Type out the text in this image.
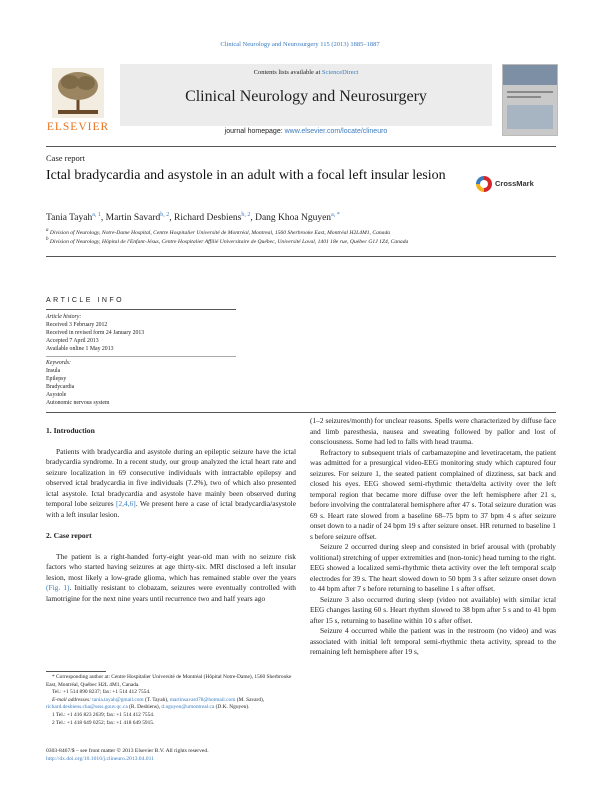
Clinical Neurology and Neurosurgery 115 (2013) 1885–1887
ELSEVIER
Contents lists available at ScienceDirect
Clinical Neurology and Neurosurgery
journal homepage: www.elsevier.com/locate/clineuro
Case report
Ictal bradycardia and asystole in an adult with a focal left insular lesion
CrossMark
Tania Tayah$^{a, 1}$, Martin Savard$^{b, 2}$, Richard Desbiens$^{b, 2}$, Dang Khoa Nguyen$^{a, *}$
$^a$ Division of Neurology, Notre-Dame Hospital, Centre Hospitalier Université de Montréal, Montreal, 1560 Sherbrooke East, Montréal H2L4M1, Canada
$^b$ Division of Neurology, Hôpital de l'Enfant-Jésus, Centre Hospitalier Affilié Universitaire de Québec, Université Laval, 1401 18e rue, Québec G1J 1Z4, Canada
ARTICLE INFO
Article history:
Received 3 February 2012
Received in revised form 24 January 2013
Accepted 7 April 2013
Available online 1 May 2013
Keywords:
Insula
Epilepsy
Bradycardia
Asystole
Autonomic nervous system
1. Introduction

Patients with bradycardia and asystole during an epileptic seizure have the ictal bradycardia syndrome. In a recent study, our group analyzed the ictal heart rate and seizure localization in 69 consecutive individuals with intractable epilepsy and observed ictal bradycardia in five individuals (7.2%), two of which also presented ictal asystole. Ictal bradycardia and asystole have mainly been observed during temporal lobe seizures [2,4,6]. We present here a case of ictal bradycardia/asystole with a left insular lesion.

2. Case report

The patient is a right-handed forty-eight year-old man with no seizure risk factors who started having seizures at age thirty-six. MRI disclosed a left insular lesion, most likely a low-grade glioma, which has remained stable over the years (Fig. 1). Initially resistant to clobazam, seizures were eventually controlled with lamotrigine for the next nine years until recurrence two and half years ago

* Corresponding author at: Centre Hospitalier Université de Montréal (Hôpital Notre-Dame), 1560 Sherbrooke East, Montréal, Québec H2L 4M1, Canada.
Tel.: +1 514 890 8237; fax: +1 514 412 7554.
E-mail addresses: tania.tayah@gmail.com (T. Tayah), martinsavard78@hotmail.com (M. Savard), richard.desbiens.cha@ssss.gouv.qc.ca (R. Desbiens), d.nguyen@umontreal.ca (D.K. Nguyen).
1 Tel.: +1 416 823 2639; fax: +1 514 412 7554.
2 Tel.: +1 418 649 0252; fax: +1 418 649 5915.
0303-8467/$ – see front matter © 2013 Elsevier B.V. All rights reserved.
http://dx.doi.org/10.1016/j.clineuro.2013.04.011

(1–2 seizures/month) for unclear reasons. Spells were characterized by diffuse face and limb paresthesia, nausea and sweating followed by pallor and lost of consciousness. Some had led to falls with head trauma.

Refractory to subsequent trials of carbamazepine and levetiracetam, the patient was admitted for a presurgical video-EEG monitoring study which captured four seizures. For seizure 1, the seated patient complained of dizziness, sat back and closed his eyes. EEG showed semi-rhythmic theta/delta activity over the left temporal region that became more diffuse over the left hemisphere after 21 s, before involving the contralateral hemisphere after 47 s. Total seizure duration was 69 s. Heart rate slowed from a baseline 68–75 bpm to 37 bpm 4 s after seizure onset down to a nadir of 24 bpm 19 s after seizure onset. HR returned to baseline 1 s before seizure offset.

Seizure 2 occurred during sleep and consisted in brief arousal with (probably volitional) stretching of upper extremities and (non-tonic) head turning to the right. EEG showed a localized semi-rhythmic theta activity over the left temporal scalp electrodes for 39 s. The heart slowed down to 50 bpm 3 s after seizure onset down to 44 bpm after 7 s before returning to baseline 1 s after offset.

Seizure 3 also occurred during sleep (video not available) with similar ictal EEG changes lasting 60 s. Heart rhythm slowed to 38 bpm after 5 s and to 41 bpm after 15 s, returning to baseline within 10 s after offset.

Seizure 4 occurred while the patient was in the restroom (no video) and was associated with initial left temporal semi-rhythmic theta activity, spread to the remaining left hemisphere after 19 s,
